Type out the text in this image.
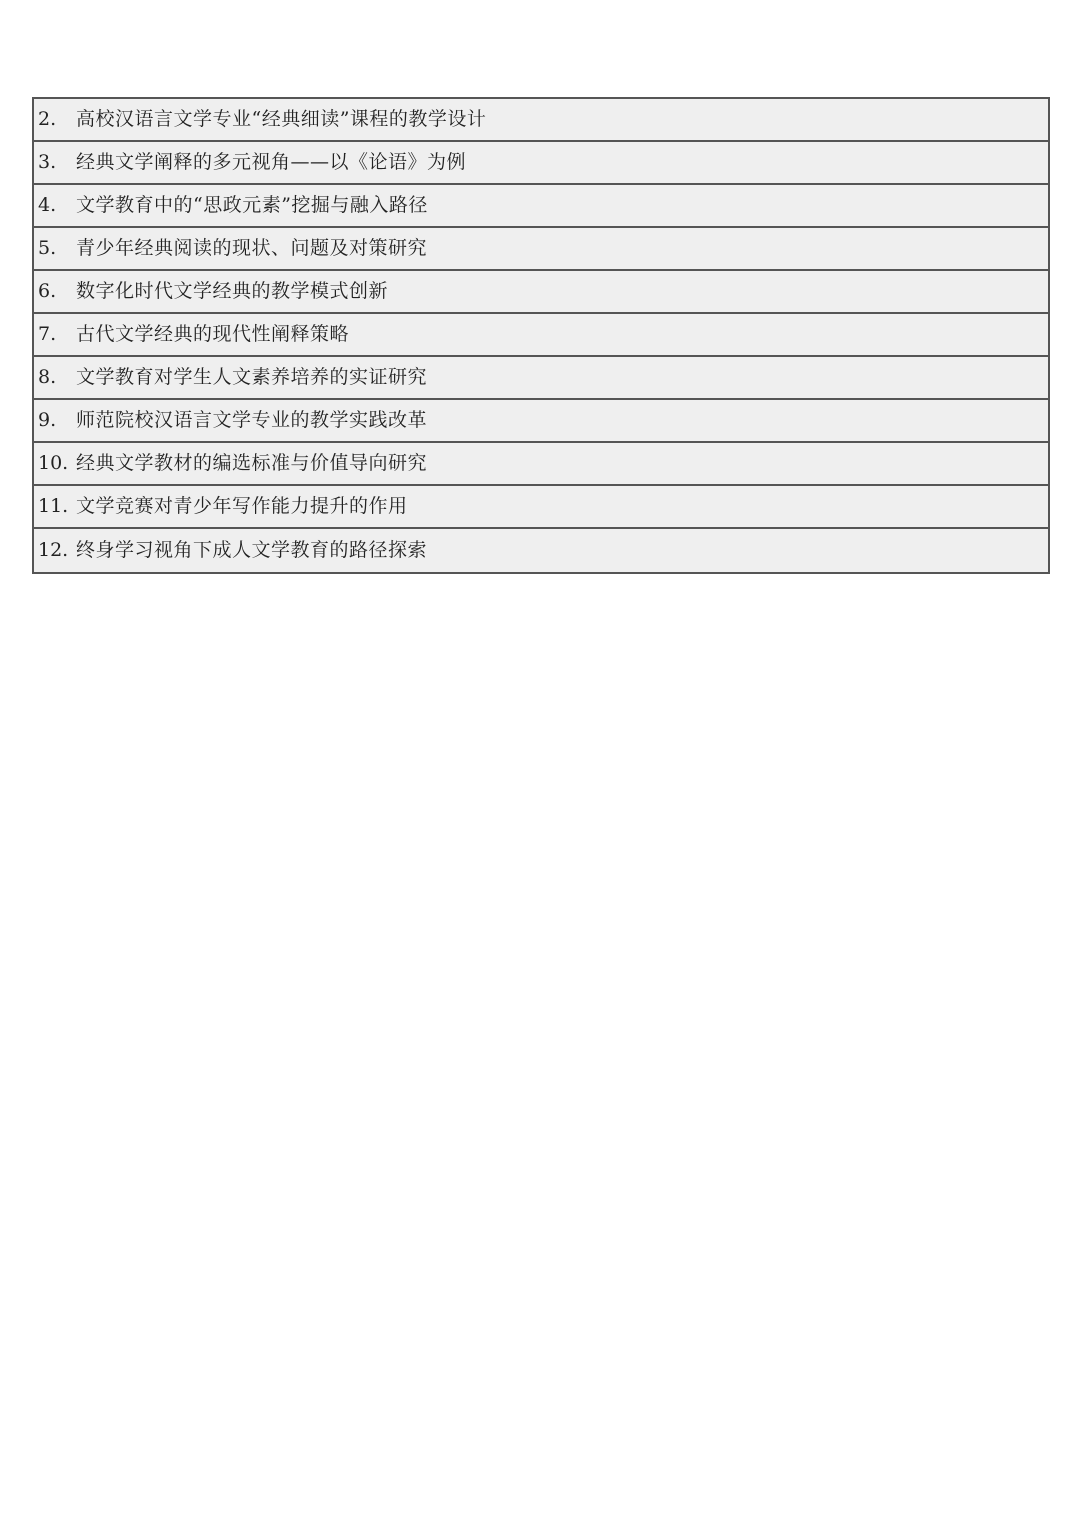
2.	高校汉语言文学专业“经典细读”课程的教学设计
3.	经典文学阐释的多元视角——以《论语》为例
4.	文学教育中的“思政元素”挖掘与融入路径
5.	青少年经典阅读的现状、问题及对策研究
6.	数字化时代文学经典的教学模式创新
7.	古代文学经典的现代性阐释策略
8.	文学教育对学生人文素养培养的实证研究
9.	师范院校汉语言文学专业的教学实践改革
10. 经典文学教材的编选标准与价值导向研究
11. 文学竞赛对青少年写作能力提升的作用
12. 终身学习视角下成人文学教育的路径探索
